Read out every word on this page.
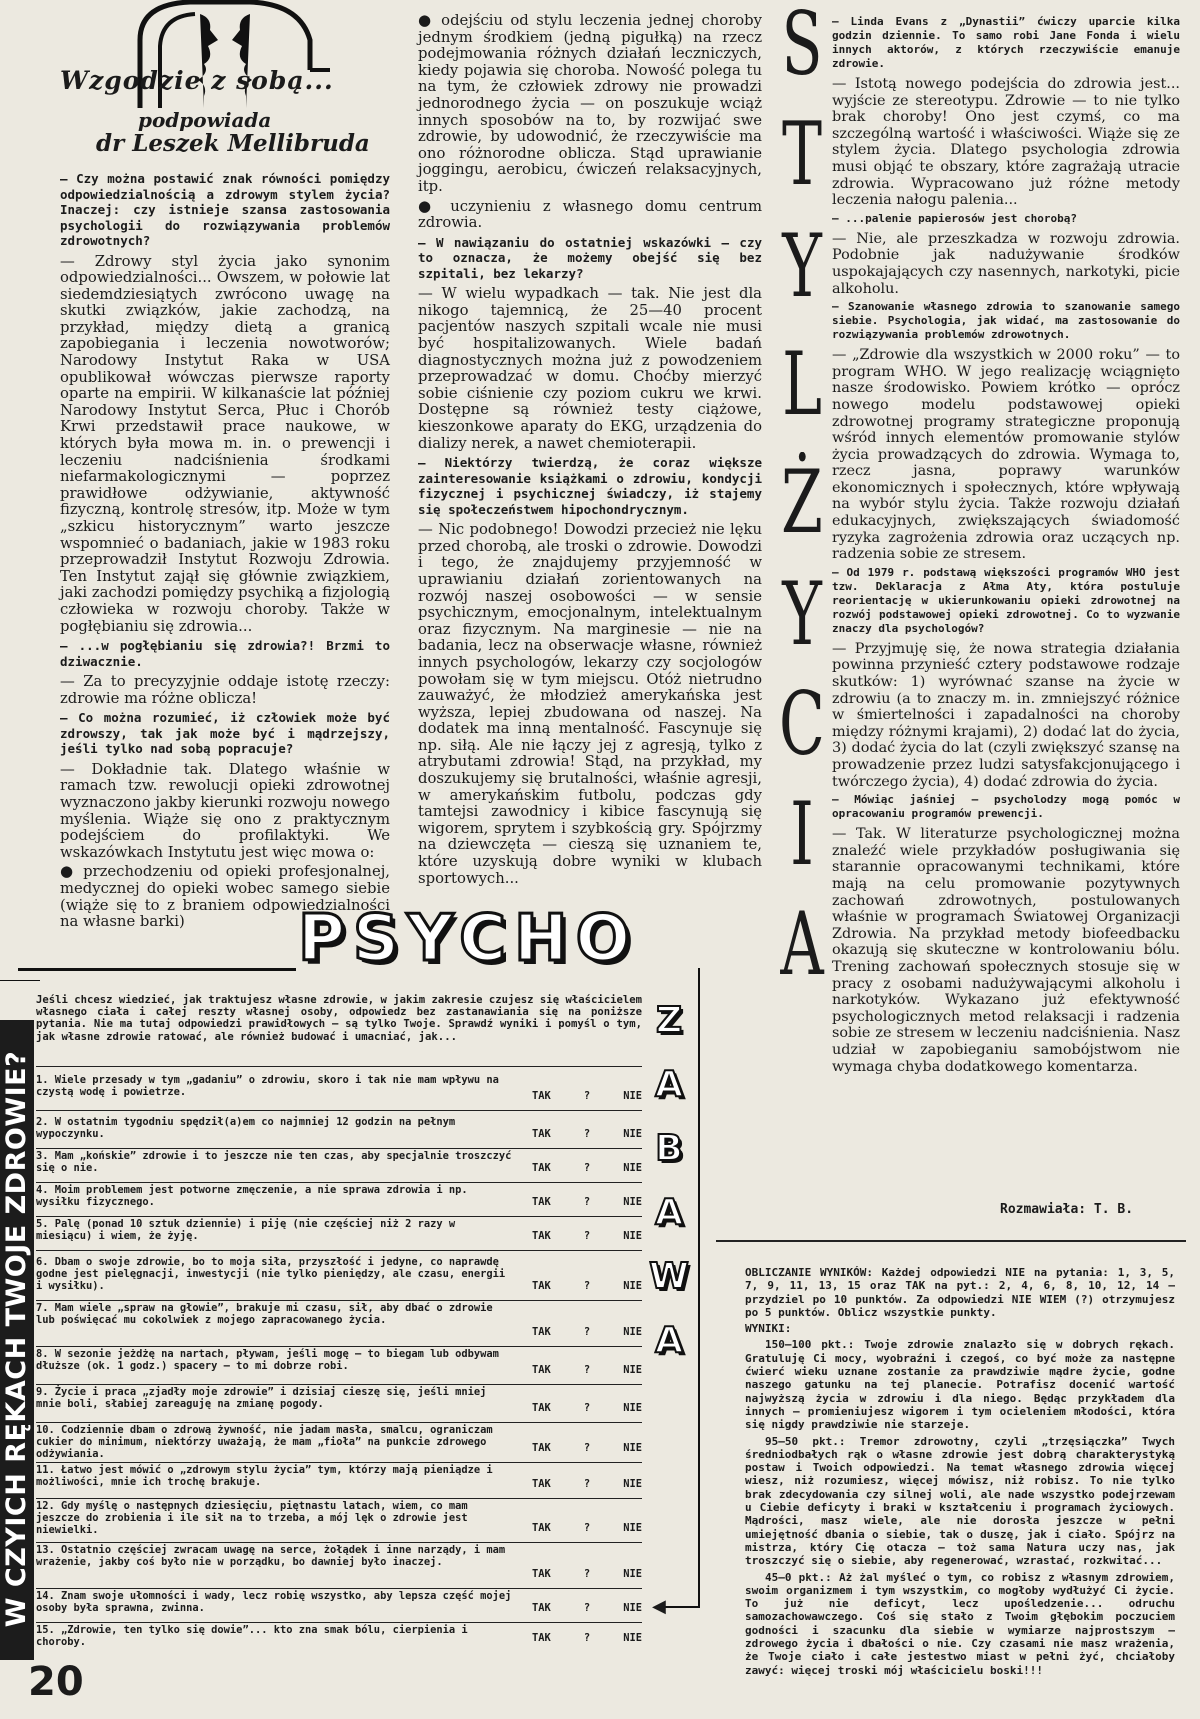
Wzgodzie z sobą...
podpowiada
dr Leszek Mellibruda

— Czy można postawić znak równości pomiędzy odpowiedzialnością a zdrowym stylem życia? Inaczej: czy istnieje szansa zastosowania psychologii do rozwiązywania problemów zdrowotnych?

— Zdrowy styl życia jako synonim odpowiedzialności... Owszem, w połowie lat siedemdziesiątych zwrócono uwagę na skutki związków, jakie zachodzą, na przykład, między dietą a granicą zapobiegania i leczenia nowotworów; Narodowy Instytut Raka w USA opublikował wówczas pierwsze raporty oparte na empirii. W kilkanaście lat później Narodowy Instytut Serca, Płuc i Chorób Krwi przedstawił prace naukowe, w których była mowa m. in. o prewencji i leczeniu nadciśnienia środkami niefarmakologicznymi — poprzez prawidłowe odżywianie, aktywność fizyczną, kontrolę stresów, itp. Może w tym „szkicu historycznym” warto jeszcze wspomnieć o badaniach, jakie w 1983 roku przeprowadził Instytut Rozwoju Zdrowia. Ten Instytut zajął się głównie związkiem, jaki zachodzi pomiędzy psychiką a fizjologią człowieka w rozwoju choroby. Także w pogłębianiu się zdrowia...

— ...w pogłębianiu się zdrowia?! Brzmi to dziwacznie.

— Za to precyzyjnie oddaje istotę rzeczy: zdrowie ma różne oblicza!

— Co można rozumieć, iż człowiek może być zdrowszy, tak jak może być i mądrzejszy, jeśli tylko nad sobą popracuje?

— Dokładnie tak. Dlatego właśnie w ramach tzw. rewolucji opieki zdrowotnej wyznaczono jakby kierunki rozwoju nowego myślenia. Wiąże się ono z praktycznym podejściem do profilaktyki. We wskazówkach Instytutu jest więc mowa o:

● przechodzeniu od opieki profesjonalnej, medycznej do opieki wobec samego siebie (wiąże się to z braniem odpowiedzialności na własne barki)

● odejściu od stylu leczenia jednej choroby jednym środkiem (jedną pigułką) na rzecz podejmowania różnych działań leczniczych, kiedy pojawia się choroba. Nowość polega tu na tym, że człowiek zdrowy nie prowadzi jednorodnego życia — on poszukuje wciąż innych sposobów na to, by rozwijać swe zdrowie, by udowodnić, że rzeczywiście ma ono różnorodne oblicza. Stąd uprawianie joggingu, aerobicu, ćwiczeń relaksacyjnych, itp.

● uczynieniu z własnego domu centrum zdrowia.

— W nawiązaniu do ostatniej wskazówki — czy to oznacza, że możemy obejść się bez szpitali, bez lekarzy?

— W wielu wypadkach — tak. Nie jest dla nikogo tajemnicą, że 25—40 procent pacjentów naszych szpitali wcale nie musi być hospitalizowanych. Wiele badań diagnostycznych można już z powodzeniem przeprowadzać w domu. Choćby mierzyć sobie ciśnienie czy poziom cukru we krwi. Dostępne są również testy ciążowe, kieszonkowe aparaty do EKG, urządzenia do dializy nerek, a nawet chemioterapii.

— Niektórzy twierdzą, że coraz większe zainteresowanie książkami o zdrowiu, kondycji fizycznej i psychicznej świadczy, iż stajemy się społeczeństwem hipochondrycznym.

— Nic podobnego! Dowodzi przecież nie lęku przed chorobą, ale troski o zdrowie. Dowodzi i tego, że znajdujemy przyjemność w uprawianiu działań zorientowanych na rozwój naszej osobowości — w sensie psychicznym, emocjonalnym, intelektualnym oraz fizycznym. Na marginesie — nie na badania, lecz na obserwacje własne, również innych psychologów, lekarzy czy socjologów powołam się w tym miejscu. Otóż nietrudno zauważyć, że młodzież amerykańska jest wyższa, lepiej zbudowana od naszej. Na dodatek ma inną mentalność. Fascynuje się np. siłą. Ale nie łączy jej z agresją, tylko z atrybutami zdrowia! Stąd, na przykład, my doszukujemy się brutalności, właśnie agresji, w amerykańskim futbolu, podczas gdy tamtejsi zawodnicy i kibice fascynują się wigorem, sprytem i szybkością gry. Spójrzmy na dziewczęta — cieszą się uznaniem te, które uzyskują dobre wyniki w klubach sportowych...

S
T
Y
L
Ż
Y
C
I
A

— Linda Evans z „Dynastii” ćwiczy uparcie kilka godzin dziennie. To samo robi Jane Fonda i wielu innych aktorów, z których rzeczywiście emanuje zdrowie.

— Istotą nowego podejścia do zdrowia jest... wyjście ze stereotypu. Zdrowie — to nie tylko brak choroby! Ono jest czymś, co ma szczególną wartość i właściwości. Wiąże się ze stylem życia. Dlatego psychologia zdrowia musi objąć te obszary, które zagrażają utracie zdrowia. Wypracowano już różne metody leczenia nałogu palenia...

— ...palenie papierosów jest chorobą?

— Nie, ale przeszkadza w rozwoju zdrowia. Podobnie jak nadużywanie środków uspokajających czy nasennych, narkotyki, picie alkoholu.

— Szanowanie własnego zdrowia to szanowanie samego siebie. Psychologia, jak widać, ma zastosowanie do rozwiązywania problemów zdrowotnych.

— „Zdrowie dla wszystkich w 2000 roku” — to program WHO. W jego realizację wciągnięto nasze środowisko. Powiem krótko — oprócz nowego modelu podstawowej opieki zdrowotnej programy strategiczne proponują wśród innych elementów promowanie stylów życia prowadzących do zdrowia. Wymaga to, rzecz jasna, poprawy warunków ekonomicznych i społecznych, które wpływają na wybór stylu życia. Także rozwoju działań edukacyjnych, zwiększających świadomość ryzyka zagrożenia zdrowia oraz uczących np. radzenia sobie ze stresem.

— Od 1979 r. podstawą większości programów WHO jest tzw. Deklaracja z Ałma Aty, która postuluje reorientację w ukierunkowaniu opieki zdrowotnej na rozwój podstawowej opieki zdrowotnej. Co to wyzwanie znaczy dla psychologów?

— Przyjmuję się, że nowa strategia działania powinna przynieść cztery podstawowe rodzaje skutków: 1) wyrównać szanse na życie w zdrowiu (a to znaczy m. in. zmniejszyć różnice w śmiertelności i zapadalności na choroby między różnymi krajami), 2) dodać lat do życia, 3) dodać życia do lat (czyli zwiększyć szansę na prowadzenie przez ludzi satysfakcjonującego i twórczego życia), 4) dodać zdrowia do życia.

— Mówiąc jaśniej — psycholodzy mogą pomóc w opracowaniu programów prewencji.

— Tak. W literaturze psychologicznej można znaleźć wiele przykładów posługiwania się starannie opracowanymi technikami, które mają na celu promowanie pozytywnych zachowań zdrowotnych, postulowanych właśnie w programach Światowej Organizacji Zdrowia. Na przykład metody biofeedbacku okazują się skuteczne w kontrolowaniu bólu. Trening zachowań społecznych stosuje się w pracy z osobami nadużywającymi alkoholu i narkotyków. Wykazano już efektywność psychologicznych metod relaksacji i radzenia sobie ze stresem w leczeniu nadciśnienia. Nasz udział w zapobieganiu samobójstwom nie wymaga chyba dodatkowego komentarza.

Rozmawiała: T. B.
◀
PSYCHO
Z
A
B
A
W
A
Jeśli chcesz wiedzieć, jak traktujesz własne zdrowie, w jakim zakresie czujesz się właścicielem własnego ciała i całej reszty własnej osoby, odpowiedz bez zastanawiania się na poniższe pytania. Nie ma tutaj odpowiedzi prawidłowych — są tylko Twoje. Sprawdź wyniki i pomyśl o tym, jak własne zdrowie ratować, ale również budować i umacniać, jak...
1. Wiele przesady w tym „gadaniu” o zdrowiu, skoro i tak nie mam wpływu na czystą wodę i powietrze.	TAK	?	NIE
2. W ostatnim tygodniu spędził(a)em co najmniej 12 godzin na pełnym wypoczynku.	TAK	?	NIE
3. Mam „końskie” zdrowie i to jeszcze nie ten czas, aby specjalnie troszczyć się o nie.	TAK	?	NIE
4. Moim problemem jest potworne zmęczenie, a nie sprawa zdrowia i np. wysiłku fizycznego.	TAK	?	NIE
5. Palę (ponad 10 sztuk dziennie) i piję (nie częściej niż 2 razy w miesiącu) i wiem, że żyję.	TAK	?	NIE
6. Dbam o swoje zdrowie, bo to moja siła, przyszłość i jedyne, co naprawdę godne jest pielęgnacji, inwestycji (nie tylko pieniędzy, ale czasu, energii i wysiłku).	TAK	?	NIE
7. Mam wiele „spraw na głowie”, brakuje mi czasu, sił, aby dbać o zdrowie lub poświęcać mu cokolwiek z mojego zapracowanego życia.
TAK	?	NIE
8. W sezonie jeżdżę na nartach, pływam, jeśli mogę — to biegam lub odbywam dłuższe (ok. 1 godz.) spacery — to mi dobrze robi.	TAK	?	NIE
9. Życie i praca „zjadły moje zdrowie” i dzisiaj cieszę się, jeśli mniej mnie boli, słabiej zareaguję na zmianę pogody.	TAK	?	NIE
10. Codziennie dbam o zdrową żywność, nie jadam masła, smalcu, ograniczam cukier do minimum, niektórzy uważają, że mam „fioła” na punkcie zdrowego odżywiania.	TAK	?	NIE
11. Łatwo jest mówić o „zdrowym stylu życia” tym, którzy mają pieniądze i możliwości, mnie ich trochę brakuje.	TAK	?	NIE
12. Gdy myślę o następnych dziesięciu, piętnastu latach, wiem, co mam jeszcze do zrobienia i ile sił na to trzeba, a mój lęk o zdrowie jest niewielki.	TAK	?	NIE
13. Ostatnio częściej zwracam uwagę na serce, żołądek i inne narządy, i mam wrażenie, jakby coś było nie w porządku, bo dawniej było inaczej.
TAK	?	NIE
14. Znam swoje ułomności i wady, lecz robię wszystko, aby lepsza część mojej osoby była sprawna, zwinna.	TAK	?	NIE
15. „Zdrowie, ten tylko się dowie”... kto zna smak bólu, cierpienia i choroby.	TAK	?	NIE

OBLICZANIE WYNIKÓW: Każdej odpowiedzi NIE na pytania: 1, 3, 5, 7, 9, 11, 13, 15 oraz TAK na pyt.: 2, 4, 6, 8, 10, 12, 14 — przydziel po 10 punktów. Za odpowiedzi NIE WIEM (?) otrzymujesz po 5 punktów. Oblicz wszystkie punkty.

WYNIKI:

150—100 pkt.: Twoje zdrowie znalazło się w dobrych rękach. Gratuluję Ci mocy, wyobraźni i czegoś, co być może za następne ćwierć wieku uznane zostanie za prawdziwie mądre życie, godne naszego gatunku na tej planecie. Potrafisz docenić wartość najwyższą życia w zdrowiu i dla niego. Będąc przykładem dla innych — promieniujesz wigorem i tym ocieleniem młodości, która się nigdy prawdziwie nie starzeje.

95—50 pkt.: Tremor zdrowotny, czyli „trzęsiączka” Twych średniodbałych rąk o własne zdrowie jest dobrą charakterystyką postaw i Twoich odpowiedzi. Na temat własnego zdrowia więcej wiesz, niż rozumiesz, więcej mówisz, niż robisz. To nie tylko brak zdecydowania czy silnej woli, ale nade wszystko podejrzewam u Ciebie deficyty i braki w kształceniu i programach życiowych. Mądrości, masz wiele, ale nie dorosła jeszcze w pełni umiejętność dbania o siebie, tak o duszę, jak i ciało. Spójrz na mistrza, który Cię otacza — toż sama Natura uczy nas, jak troszczyć się o siebie, aby regenerować, wzrastać, rozkwitać...

45—0 pkt.: Aż żal myśleć o tym, co robisz z własnym zdrowiem, swoim organizmem i tym wszystkim, co mogłoby wydłużyć Ci życie. To już nie deficyt, lecz upośledzenie... odruchu samozachowawczego. Coś się stało z Twoim głębokim poczuciem godności i szacunku dla siebie w wymiarze najprostszym — zdrowego życia i dbałości o nie. Czy czasami nie masz wrażenia, że Twoje ciało i całe jestestwo miast w pełni żyć, chciałoby zawyć: więcej troski mój właścicielu boski!!!

W CZYICH RĘKACH TWOJE ZDROWIE?
20
